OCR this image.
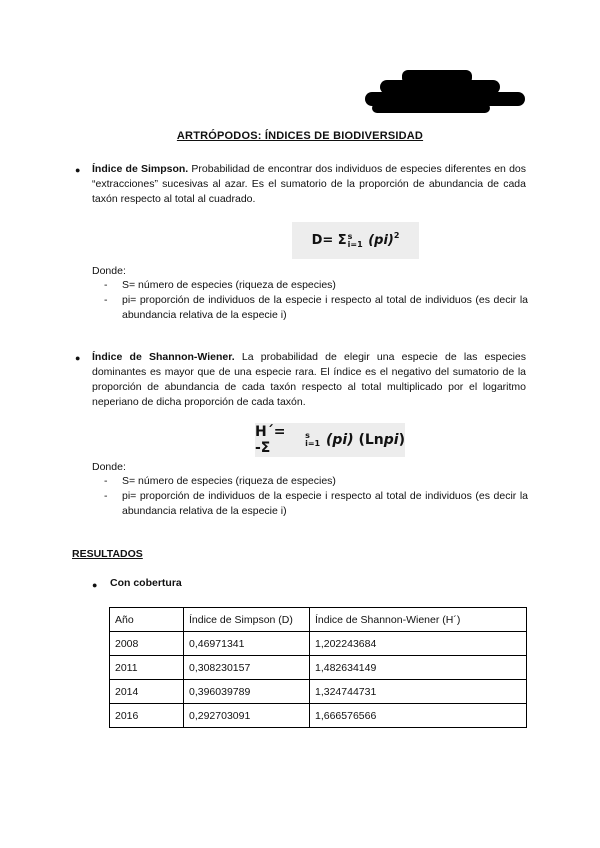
ARTRÓPODOS: ÍNDICES DE BIODIVERSIDAD
● Índice de Simpson. Probabilidad de encontrar dos individuos de especies diferentes en dos “extracciones” sucesivas al azar. Es el sumatorio de la proporción de abundancia de cada taxón respecto al total al cuadrado.
D= Σ s
i=1
(pi)$^2$
Donde:
- S= número de especies (riqueza de especies)
- pi= proporción de individuos de la especie i respecto al total de individuos (es decir la abundancia relativa de la especie i)
● Índice de Shannon-Wiener. La probabilidad de elegir una especie de las especies dominantes es mayor que de una especie rara. El índice es el negativo del sumatorio de la proporción de abundancia de cada taxón respecto al total multiplicado por el logaritmo neperiano de dicha proporción de cada taxón.
H´= -Σ
s
i=1
(pi)
(Ln pi )
Donde:
- S= número de especies (riqueza de especies)
- pi= proporción de individuos de la especie i respecto al total de individuos (es decir la abundancia relativa de la especie i)
RESULTADOS
● Con cobertura
Año	Índice de Simpson (D)	Índice de Shannon-Wiener (H´)
2008	0,46971341	1,202243684
2011	0,308230157	1,482634149
2014	0,396039789	1,324744731
2016	0,292703091	1,666576566
